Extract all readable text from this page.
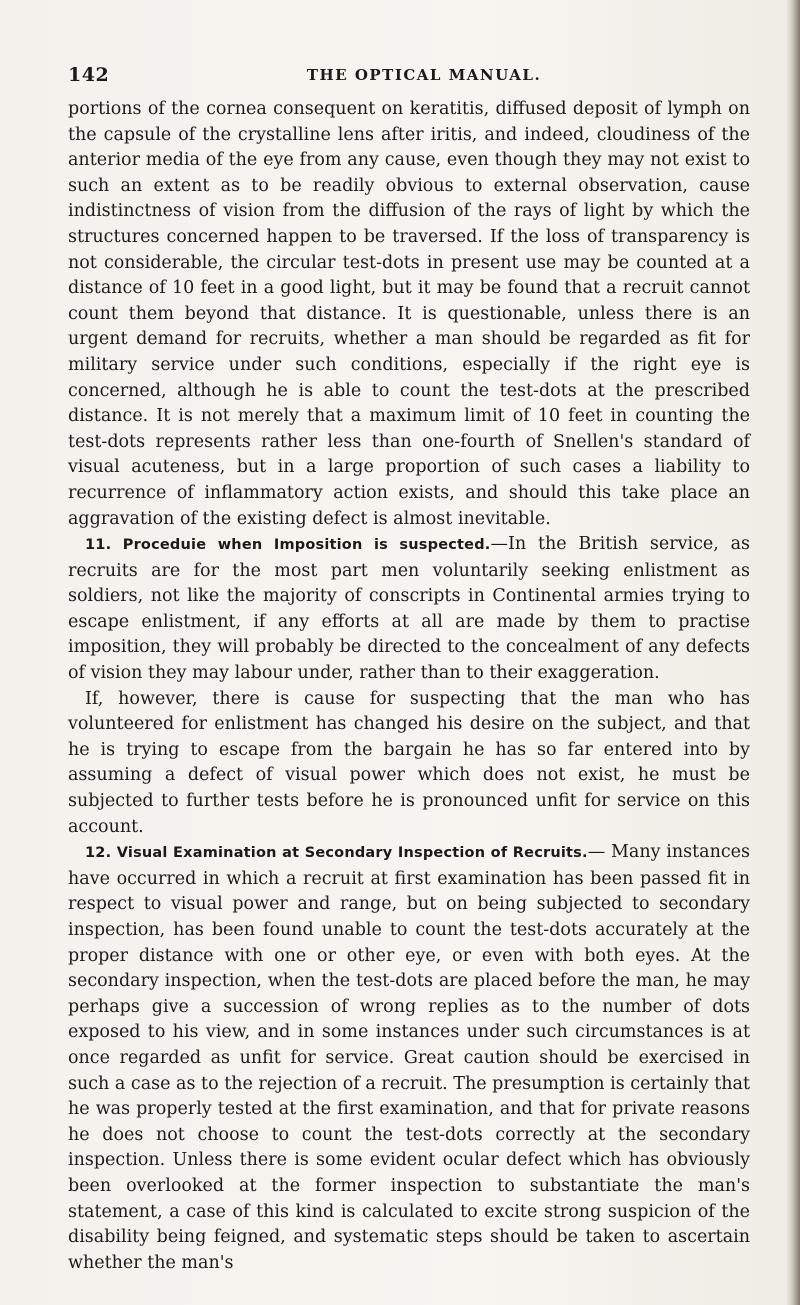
142	THE OPTICAL MANUAL.

portions of the cornea consequent on keratitis, diffused deposit of lymph on the capsule of the crystalline lens after iritis, and indeed, cloudiness of the anterior media of the eye from any cause, even though they may not exist to such an extent as to be readily obvious to external observation, cause indistinctness of vision from the diffusion of the rays of light by which the structures concerned happen to be traversed. If the loss of transparency is not considerable, the circular test-dots in present use may be counted at a distance of 10 feet in a good light, but it may be found that a recruit cannot count them beyond that distance. It is questionable, unless there is an urgent demand for recruits, whether a man should be regarded as fit for military service under such conditions, especially if the right eye is concerned, although he is able to count the test-dots at the prescribed distance. It is not merely that a maximum limit of 10 feet in counting the test-dots represents rather less than one-fourth of Snellen's standard of visual acuteness, but in a large proportion of such cases a liability to recurrence of inflammatory action exists, and should this take place an aggravation of the existing defect is almost inevitable.

11. Proceduie when Imposition is suspected.—In the British service, as recruits are for the most part men voluntarily seeking enlistment as soldiers, not like the majority of conscripts in Continental armies trying to escape enlistment, if any efforts at all are made by them to practise imposition, they will probably be directed to the concealment of any defects of vision they may labour under, rather than to their exaggeration.

If, however, there is cause for suspecting that the man who has volunteered for enlistment has changed his desire on the subject, and that he is trying to escape from the bargain he has so far entered into by assuming a defect of visual power which does not exist, he must be subjected to further tests before he is pronounced unfit for service on this account.

12. Visual Examination at Secondary Inspection of Recruits.— Many instances have occurred in which a recruit at first examination has been passed fit in respect to visual power and range, but on being subjected to secondary inspection, has been found unable to count the test-dots accurately at the proper distance with one or other eye, or even with both eyes. At the secondary inspection, when the test-dots are placed before the man, he may perhaps give a succession of wrong replies as to the number of dots exposed to his view, and in some instances under such circumstances is at once regarded as unfit for service. Great caution should be exercised in such a case as to the rejection of a recruit. The presumption is certainly that he was properly tested at the first examination, and that for private reasons he does not choose to count the test-dots correctly at the secondary inspection. Unless there is some evident ocular defect which has obviously been overlooked at the former inspection to substantiate the man's statement, a case of this kind is calculated to excite strong suspicion of the disability being feigned, and systematic steps should be taken to ascertain whether the man's
